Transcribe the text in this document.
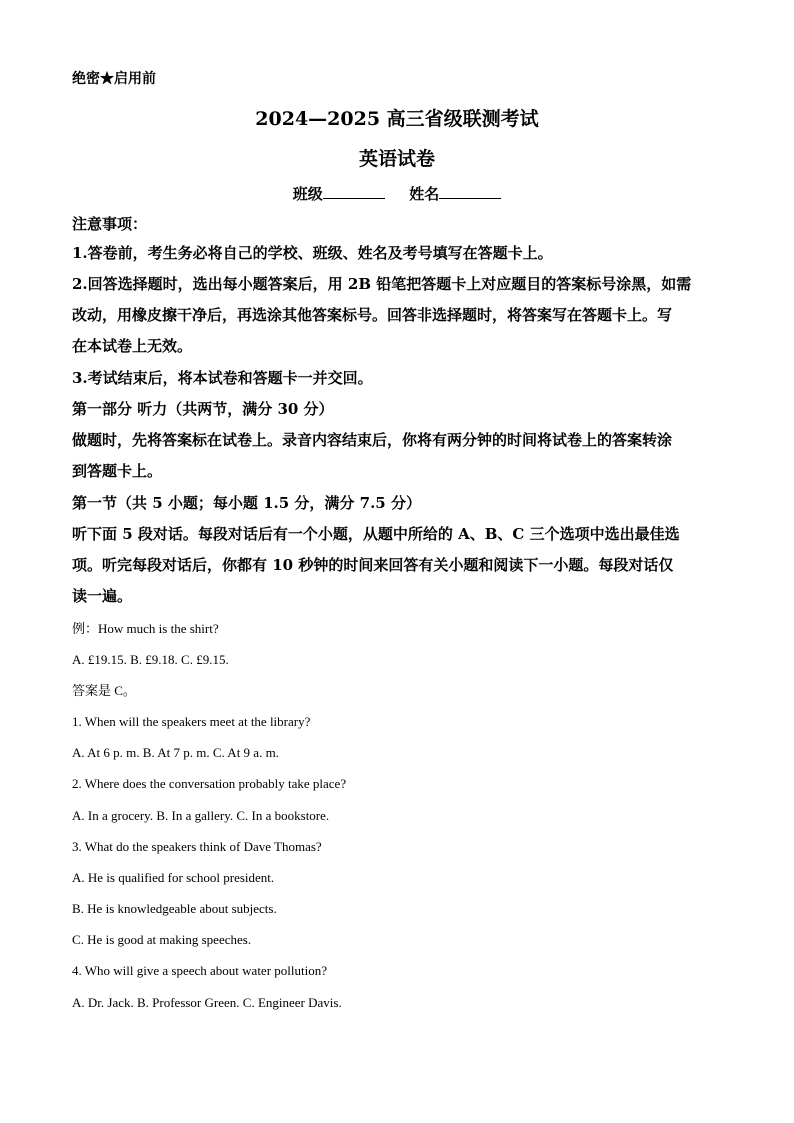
绝密★启用前
2024—2025 高三省级联测考试
英语试卷
班级	姓名
注意事项：
1.答卷前，考生务必将自己的学校、班级、姓名及考号填写在答题卡上。
2.回答选择题时，选出每小题答案后，用 2B 铅笔把答题卡上对应题目的答案标号涂黑，如需
改动，用橡皮擦干净后，再选涂其他答案标号。回答非选择题时，将答案写在答题卡上。写
在本试卷上无效。
3.考试结束后，将本试卷和答题卡一并交回。
第一部分 听力（共两节，满分 30 分）
做题时，先将答案标在试卷上。录音内容结束后，你将有两分钟的时间将试卷上的答案转涂
到答题卡上。
第一节（共 5 小题；每小题 1.5 分，满分 7.5 分）
听下面 5 段对话。每段对话后有一个小题，从题中所给的 A、B、C 三个选项中选出最佳选
项。听完每段对话后，你都有 10 秒钟的时间来回答有关小题和阅读下一小题。每段对话仅
读一遍。
例：How much is the shirt?
A. £19.15. B. £9.18. C. £9.15.
答案是 C。
1. When will the speakers meet at the library?
A. At 6 p. m. B. At 7 p. m. C. At 9 a. m.
2. Where does the conversation probably take place?
A. In a grocery. B. In a gallery. C. In a bookstore.
3. What do the speakers think of Dave Thomas?
A. He is qualified for school president.
B. He is knowledgeable about subjects.
C. He is good at making speeches.
4. Who will give a speech about water pollution?
A. Dr. Jack. B. Professor Green. C. Engineer Davis.
